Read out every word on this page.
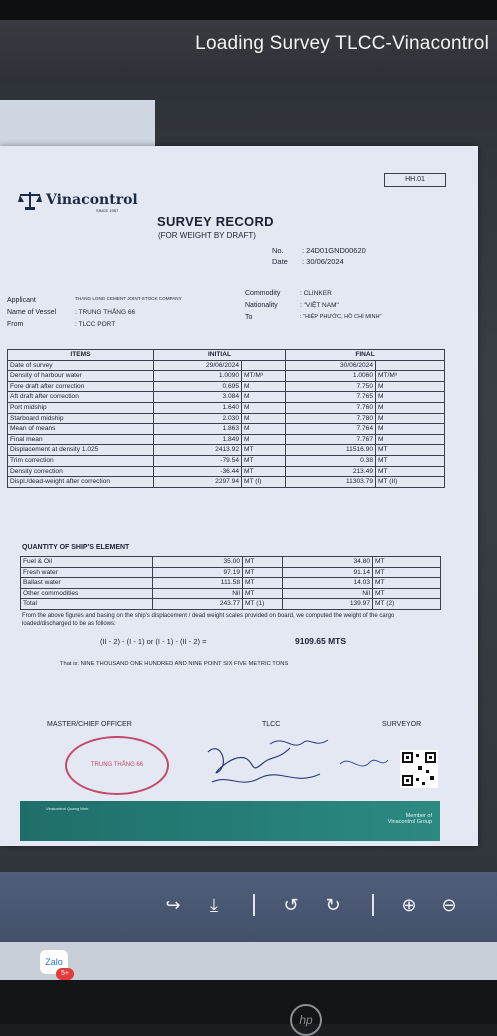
Loading Survey TLCC-Vinacontrol
HH.01
Vinacontrol
SINCE 1957
SURVEY RECORD
(FOR WEIGHT BY DRAFT)
No. : 24D01GND00620
Date : 30/06/2024
Applicant	THANG LONG CEMENT JOINT-STOCK COMPANY
Name of Vessel	: TRUNG THẮNG 66
From	: TLCC PORT
Commodity	: CLINKER
Nationality	: "VIỆT NAM"
To	: "HIỆP PHƯỚC, HỒ CHÍ MINH"
ITEMS	INITIAL		FINAL	
Date of survey	29/06/2024		30/06/2024	
Density of harbour water	1.0090	MT/M³	1.0060	MT/M³
Fore draft after correction	0.695	M	7.750	M
Aft draft after correction	3.084	M	7.765	M
Port midship	1.640	M	7.760	M
Starboard midship	2.030	M	7.780	M
Mean of means	1.863	M	7.764	M
Final mean	1.849	M	7.767	M
Displacement at density 1.025	2413.92	MT	11516.90	MT
Trim correction	-79.54	MT	0.38	MT
Density correction	-36.44	MT	213.49	MT
Displ./dead-weight after correction	2297.94	MT (I)	11303.79	MT (II)
QUANTITY OF SHIP'S ELEMENT
Fuel & Oil	35.00	MT	34.80	MT
Fresh water	97.19	MT	91.14	MT
Ballast water	111.58	MT	14.03	MT
Other commodities	Nil	MT	Nil	MT
Total	243.77	MT (1)	139.97	MT (2)
From the above figures and basing on the ship's displacement / dead weight scales provided on board, we computed the weight of the cargo loaded/discharged to be as follows:
(II - 2) - (I - 1) or (I - 1) - (II - 2) =	9109.65 MTS
That is: NINE THOUSAND ONE HUNDRED AND NINE POINT SIX FIVE METRIC TONS
MASTER/CHIEF OFFICER	TLCC	SURVEYOR
TRUNG THẮNG 66
Vinacontrol Quang Ninh
Member of
Vinacontrol Group
↪	⤓	↺ ↻	⊕ ⊖
Zalo
5+
hp
